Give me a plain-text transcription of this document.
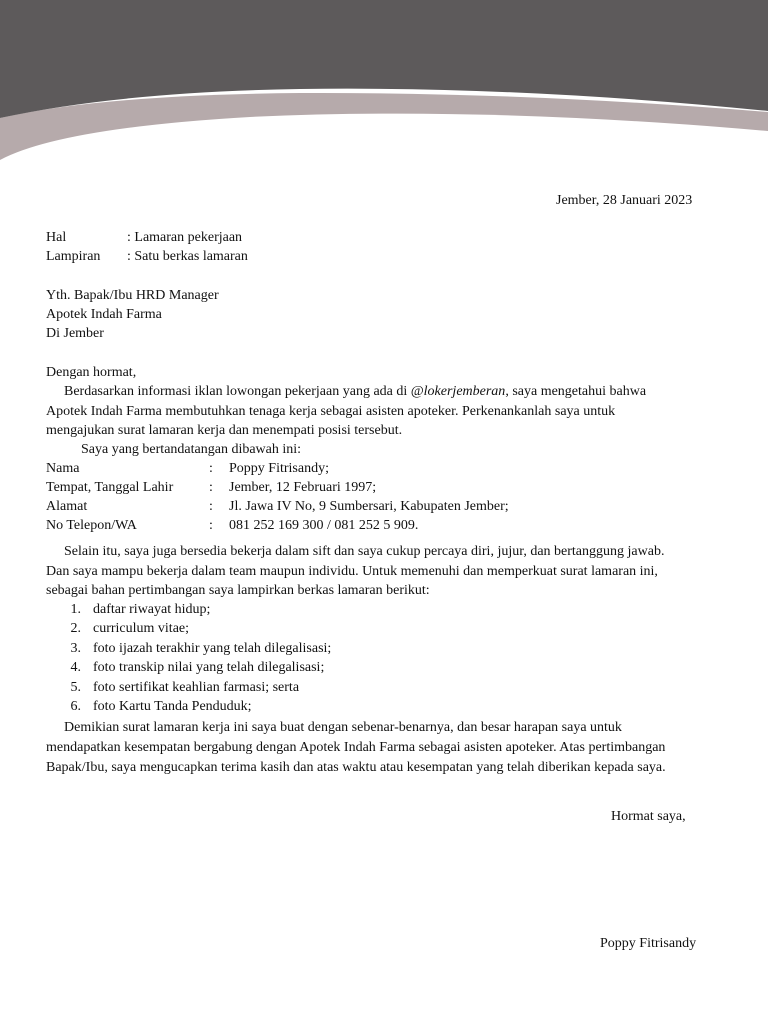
Jember, 28 Januari 2023
Hal	: Lamaran pekerjaan
Lampiran : Satu berkas lamaran
Yth. Bapak/Ibu HRD Manager
Apotek Indah Farma
Di Jember
Dengan hormat,
Berdasarkan informasi iklan lowongan pekerjaan yang ada di @lokerjemberan, saya mengetahui bahwa
Apotek Indah Farma membutuhkan tenaga kerja sebagai asisten apoteker. Perkenankanlah saya untuk
mengajukan surat lamaran kerja dan menempati posisi tersebut.
Saya yang bertandatangan dibawah ini:
Nama	: Poppy Fitrisandy;
Tempat, Tanggal Lahir	: Jember, 12 Februari 1997;
Alamat	: Jl. Jawa IV No, 9 Sumbersari, Kabupaten Jember;
No Telepon/WA	: 081 252 169 300 / 081 252 5 909.
Selain itu, saya juga bersedia bekerja dalam sift dan saya cukup percaya diri, jujur, dan bertanggung jawab.
Dan saya mampu bekerja dalam team maupun individu. Untuk memenuhi dan memperkuat surat lamaran ini,
sebagai bahan pertimbangan saya lampirkan berkas lamaran berikut:
1. daftar riwayat hidup;
2. curriculum vitae;
3. foto ijazah terakhir yang telah dilegalisasi;
4. foto transkip nilai yang telah dilegalisasi;
5. foto sertifikat keahlian farmasi; serta
6. foto Kartu Tanda Penduduk;
Demikian surat lamaran kerja ini saya buat dengan sebenar-benarnya, dan besar harapan saya untuk
mendapatkan kesempatan bergabung dengan Apotek Indah Farma sebagai asisten apoteker. Atas pertimbangan
Bapak/Ibu, saya mengucapkan terima kasih dan atas waktu atau kesempatan yang telah diberikan kepada saya.
Hormat saya,
Poppy Fitrisandy
